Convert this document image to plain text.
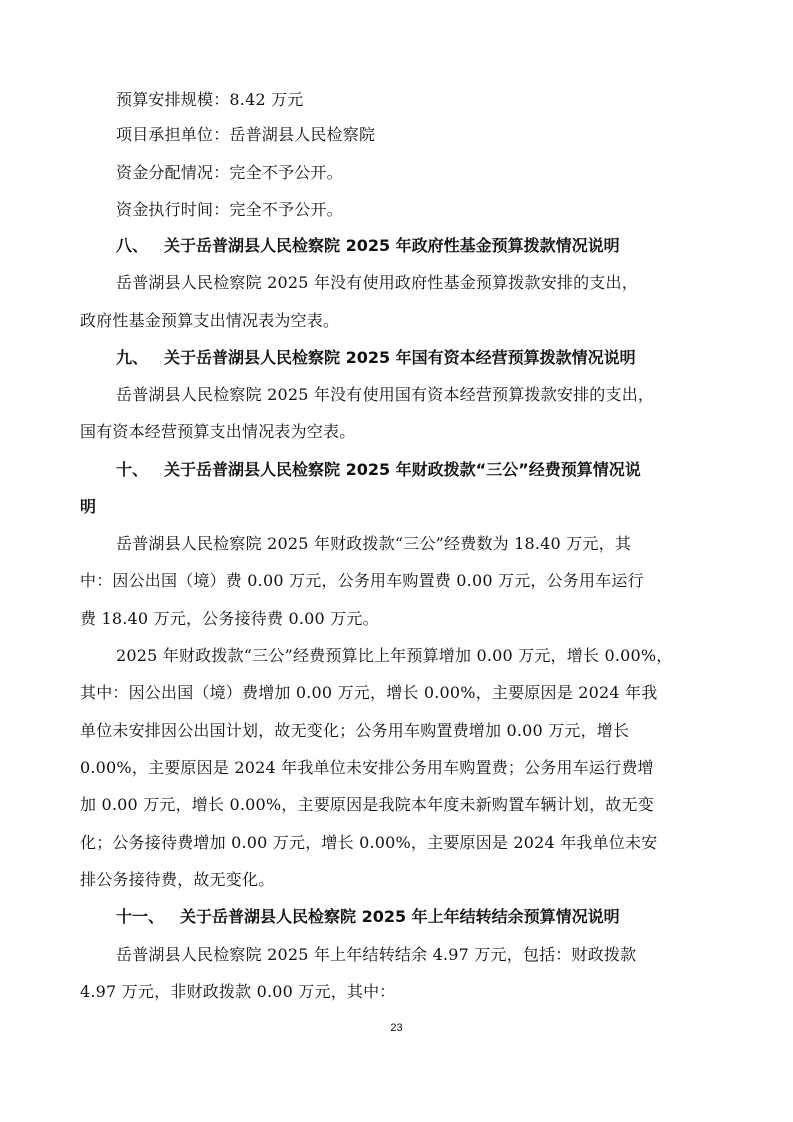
预算安排规模：8.42 万元
项目承担单位：岳普湖县人民检察院
资金分配情况：完全不予公开。
资金执行时间：完全不予公开。
八、 关于岳普湖县人民检察院 2025 年政府性基金预算拨款情况说明
岳普湖县人民检察院 2025 年没有使用政府性基金预算拨款安排的支出，
政府性基金预算支出情况表为空表。
九、 关于岳普湖县人民检察院 2025 年国有资本经营预算拨款情况说明
岳普湖县人民检察院 2025 年没有使用国有资本经营预算拨款安排的支出，
国有资本经营预算支出情况表为空表。
十、 关于岳普湖县人民检察院 2025 年财政拨款“三公”经费预算情况说
明
岳普湖县人民检察院 2025 年财政拨款“三公”经费数为 18.40 万元，其
中：因公出国（境）费 0.00 万元，公务用车购置费 0.00 万元，公务用车运行
费 18.40 万元，公务接待费 0.00 万元。
2025 年财政拨款“三公”经费预算比上年预算增加 0.00 万元，增长 0.00%，
其中：因公出国（境）费增加 0.00 万元，增长 0.00%，主要原因是 2024 年我
单位未安排因公出国计划，故无变化；公务用车购置费增加 0.00 万元，增长
0.00%，主要原因是 2024 年我单位未安排公务用车购置费；公务用车运行费增
加 0.00 万元，增长 0.00%，主要原因是我院本年度未新购置车辆计划，故无变
化；公务接待费增加 0.00 万元，增长 0.00%，主要原因是 2024 年我单位未安
排公务接待费，故无变化。
十一、 关于岳普湖县人民检察院 2025 年上年结转结余预算情况说明
岳普湖县人民检察院 2025 年上年结转结余 4.97 万元，包括：财政拨款
4.97 万元，非财政拨款 0.00 万元，其中：
23
